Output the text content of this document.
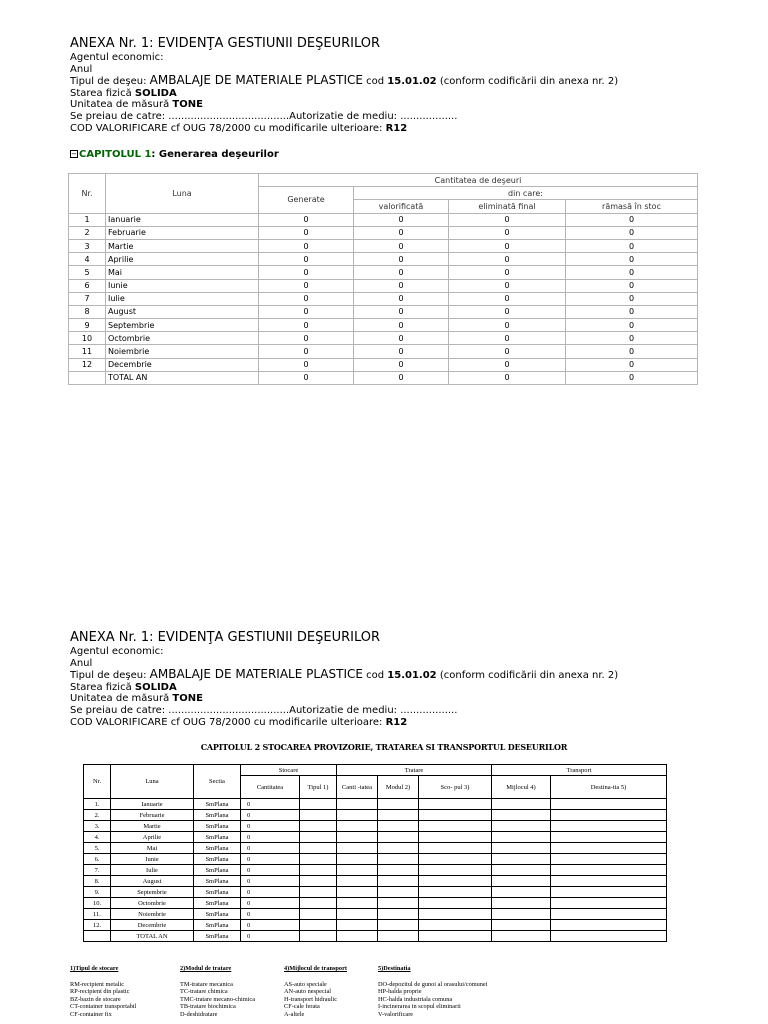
ANEXA Nr. 1: EVIDENŢA GESTIUNII DEŞEURILOR
Agentul economic:
Anul
Tipul de deşeu: AMBALAJE DE MATERIALE PLASTICE cod 15.01.02 (conform codificării din anexa nr. 2)
Starea fizică SOLIDA
Unitatea de măsură TONE
Se preiau de catre: ......................................Autorizatie de mediu: ..................
COD VALORIFICARE cf OUG 78/2000 cu modificarile ulterioare: R12
− CAPITOLUL 1: Generarea deşeurilor
Nr.	Luna	Cantitatea de deşeuri			
		Generate	din care:		
			valorificată	eliminată final	rămasă în stoc
1	Ianuarie	0	0	0	0
2	Februarie	0	0	0	0
3	Martie	0	0	0	0
4	Aprilie	0	0	0	0
5	Mai	0	0	0	0
6	Iunie	0	0	0	0
7	Iulie	0	0	0	0
8	August	0	0	0	0
9	Septembrie	0	0	0	0
10	Octombrie	0	0	0	0
11	Noiembrie	0	0	0	0
12	Decembrie	0	0	0	0
	TOTAL AN	0	0	0	0
ANEXA Nr. 1: EVIDENŢA GESTIUNII DEŞEURILOR
Agentul economic:
Anul
Tipul de deşeu: AMBALAJE DE MATERIALE PLASTICE cod 15.01.02 (conform codificării din anexa nr. 2)
Starea fizică SOLIDA
Unitatea de măsură TONE
Se preiau de catre: ......................................Autorizatie de mediu: ..................
COD VALORIFICARE cf OUG 78/2000 cu modificarile ulterioare: R12
CAPITOLUL 2 STOCAREA PROVIZORIE, TRATAREA SI TRANSPORTUL DESEURILOR
Nr.	Luna	Sectia	Stocare		Tratare			Transport	
			Cantitatea	Tipul 1)	Canti -tatea	Modul 2)	Sco- pul 3)	Mijlocul 4)	Destina-tia 5)
1.	Ianuarie	SmPlana	0						
2.	Februarie	SmPlana	0						
3.	Martie	SmPlana	0						
4.	Aprilie	SmPlana	0						
5.	Mai	SmPlana	0						
6.	Iunie	SmPlana	0						
7.	Iulie	SmPlana	0						
8.	August	SmPlana	0						
9.	Septembrie	SmPlana	0						
10.	Octombrie	SmPlana	0						
11.	Noiembrie	SmPlana	0						
12.	Decembrie	SmPlana	0						
	TOTAL AN	SmPlana	0						
1)Tipul de stocare
RM-recipient metalic
RP-recipient din plastic
BZ-bazin de stocare
CT-container transportabil
CF-container fix
2)Modul de tratare
TM-tratare mecanica
TC-tratare chimica
TMC-tratare mecano-chimica
TB-tratare biochimica
D-deshidratare
4)Mijlocul de transport
AS-auto speciale
AN-auto nespecial
H-transport hidraulic
CF-cale ferata
A-altele
5)Destinatia
DO-depozitul de gunoi al orasului/comunei
HP-halda proprie
HC-halda industriala comuna
I-incinerarea in scopul eliminarii
V-valorificare
